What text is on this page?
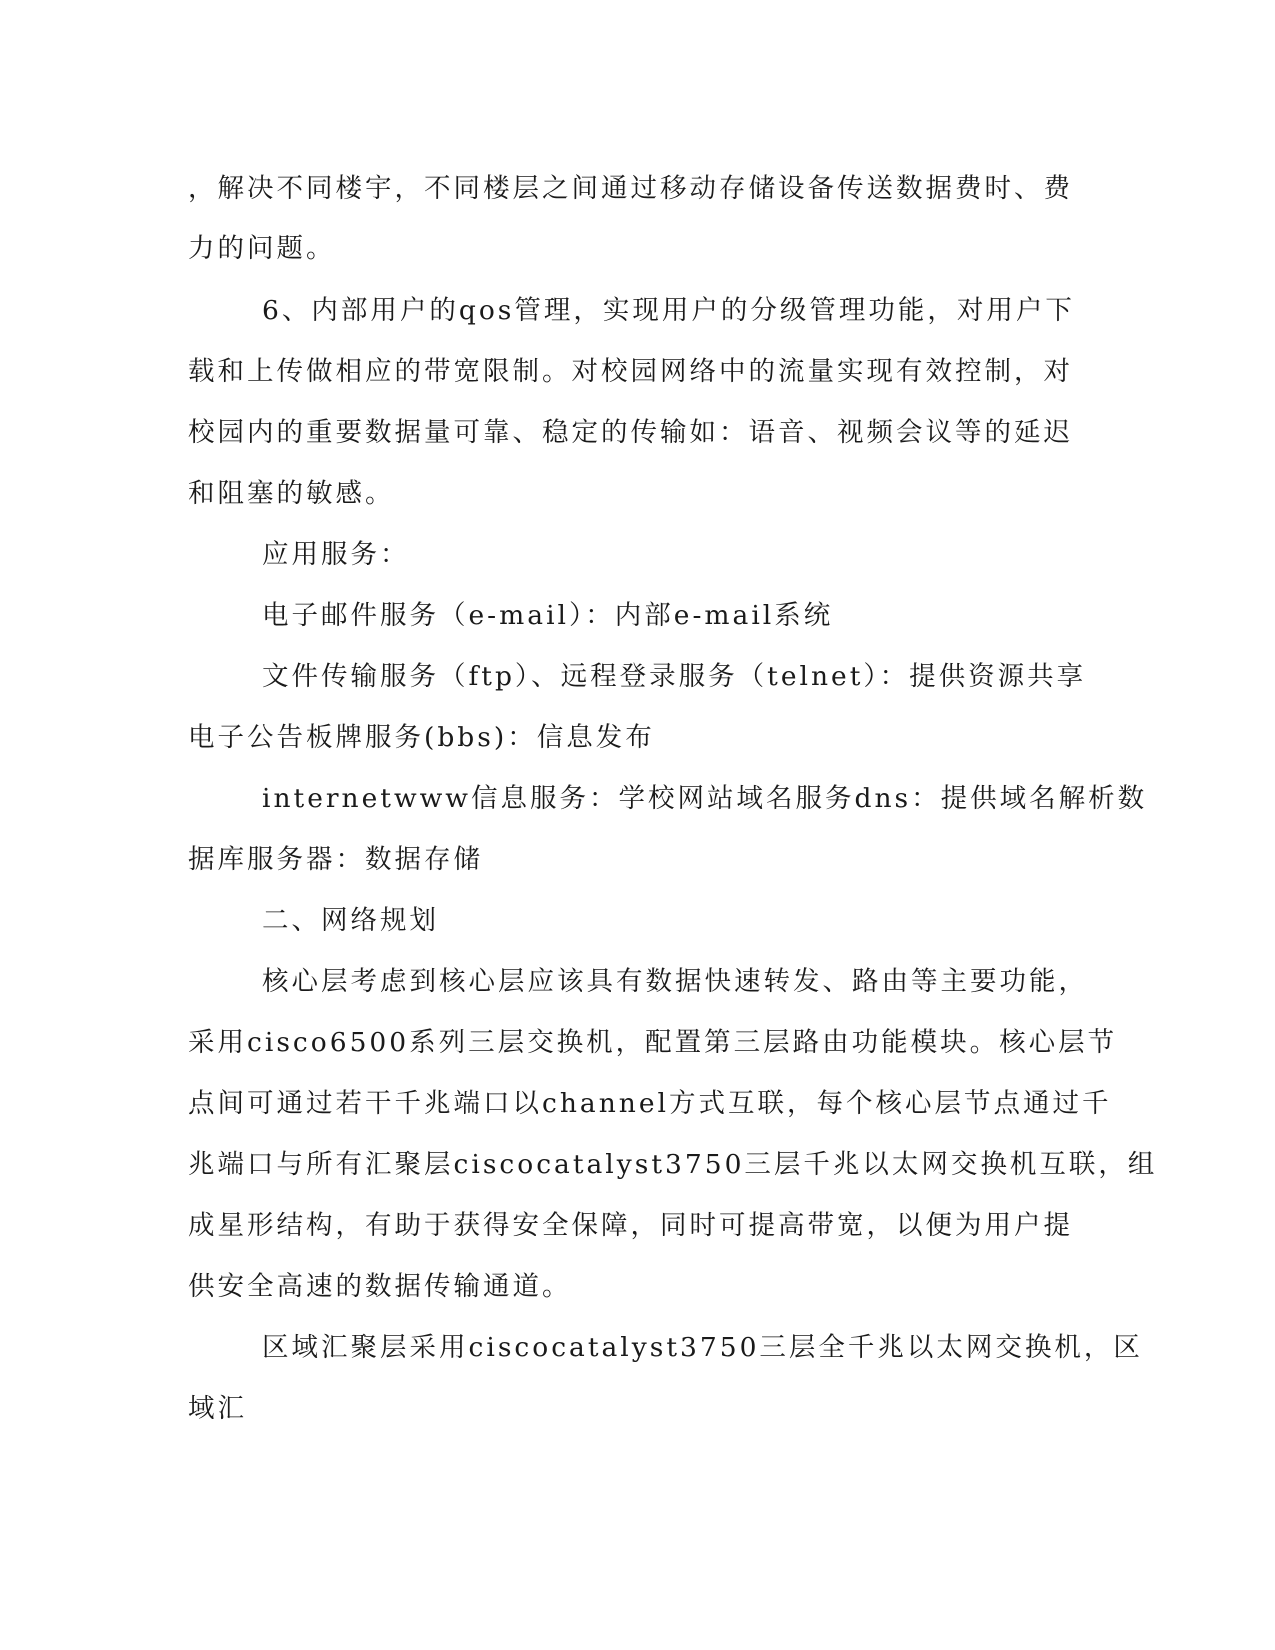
，解决不同楼宇，不同楼层之间通过移动存储设备传送数据费时、费
力的问题。
6、内部用户的qos管理，实现用户的分级管理功能，对用户下
载和上传做相应的带宽限制。对校园网络中的流量实现有效控制，对
校园内的重要数据量可靠、稳定的传输如：语音、视频会议等的延迟
和阻塞的敏感。
应用服务：
电子邮件服务（e-mail）：内部e-mail系统
文件传输服务（ftp）、远程登录服务（telnet）：提供资源共享
电子公告板牌服务(bbs)：信息发布
internetwww信息服务：学校网站域名服务dns：提供域名解析数
据库服务器：数据存储
二、网络规划
核心层考虑到核心层应该具有数据快速转发、路由等主要功能，
采用cisco6500系列三层交换机，配置第三层路由功能模块。核心层节
点间可通过若干千兆端口以channel方式互联，每个核心层节点通过千
兆端口与所有汇聚层ciscocatalyst3750三层千兆以太网交换机互联，组
成星形结构，有助于获得安全保障，同时可提高带宽，以便为用户提
供安全高速的数据传输通道。
区域汇聚层采用ciscocatalyst3750三层全千兆以太网交换机，区
域汇
